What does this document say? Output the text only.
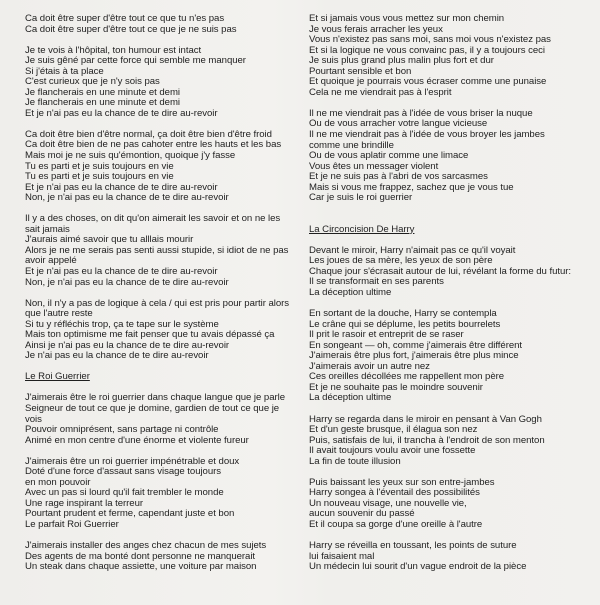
Ca doit être super d'être tout ce que tu n'es pas
Ca doit être super d'être tout ce que je ne suis pas
Je te vois à l'hôpital, ton humour est intact
Je suis gêné par cette force qui semble me manquer
Si j'étais à ta place
C'est curieux que je n'y sois pas
Je flancherais en une minute et demi
Je flancherais en une minute et demi
Et je n'ai pas eu la chance de te dire au-revoir
Ca doit être bien d'être normal, ça doit être bien d'être froid
Ca doit être bien de ne pas cahoter entre les hauts et les bas
Mais moi je ne suis qu'émontion, quoique j'y fasse
Tu es parti et je suis toujours en vie
Tu es parti et je suis toujours en vie
Et je n'ai pas eu la chance de te dire au-revoir
Non, je n'ai pas eu la chance de te dire au-revoir
Il y a des choses, on dit qu'on aimerait les savoir et on ne les
sait jamais
J'aurais aimé savoir que tu alllais mourir
Alors je ne me serais pas senti aussi stupide, si idiot de ne pas
avoir appelé
Et je n'ai pas eu la chance de te dire au-revoir
Non, je n'ai pas eu la chance de te dire au-revoir
Non, il n'y a pas de logique à cela / qui est pris pour partir alors
que l'autre reste
Si tu y réfléchis trop, ça te tape sur le système
Mais ton optimisme me fait penser que tu avais dépassé ça
Ainsi je n'ai pas eu la chance de te dire au-revoir
Je n'ai pas eu la chance de te dire au-revoir
Le Roi Guerrier
J'aimerais être le roi guerrier dans chaque langue que je parle
Seigneur de tout ce que je domine, gardien de tout ce que je
vois
Pouvoir omniprésent, sans partage ni contrôle
Animé en mon centre d'une énorme et violente fureur
J'aimerais être un roi guerrier impénétrable et doux
Doté d'une force d'assaut sans visage toujours
en mon pouvoir
Avec un pas si lourd qu'il fait trembler le monde
Une rage inspirant la terreur
Pourtant prudent et ferme, capendant juste et bon
Le parfait Roi Guerrier
J'aimerais installer des anges chez chacun de mes sujets
Des agents de ma bonté dont personne ne manquerait
Un steak dans chaque assiette, une voiture par maison
Et si jamais vous vous mettez sur mon chemin
Je vous ferais arracher les yeux
Vous n'existez pas sans moi, sans moi vous n'existez pas
Et si la logique ne vous convainc pas, il y a toujours ceci
Je suis plus grand plus malin plus fort et dur
Pourtant sensible et bon
Et quoique je pourrais vous écraser comme une punaise
Cela ne me viendrait pas à l'esprit
Il ne me viendrait pas à l'idée de vous briser la nuque
Ou de vous arracher votre langue vicieuse
Il ne me viendrait pas à l'idée de vous broyer les jambes
comme une brindille
Ou de vous aplatir comme une limace
Vous êtes un messager violent
Et je ne suis pas à l'abri de vos sarcasmes
Mais si vous me frappez, sachez que je vous tue
Car je suis le roi guerrier
La Circoncision De Harry
Devant le miroir, Harry n'aimait pas ce qu'il voyait
Les joues de sa mère, les yeux de son père
Chaque jour s'écrasait autour de lui, révélant la forme du futur:
Il se transformait en ses parents
La déception ultime
En sortant de la douche, Harry se contempla
Le crâne qui se déplume, les petits bourrelets
Il prit le rasoir et entreprit de se raser
En songeant — oh, comme j'aimerais être différent
J'aimerais être plus fort, j'aimerais être plus mince
J'aimerais avoir un autre nez
Ces oreilles décollées me rappellent mon père
Et je ne souhaite pas le moindre souvenir
La déception ultime
Harry se regarda dans le miroir en pensant à Van Gogh
Et d'un geste brusque, il élagua son nez
Puis, satisfais de lui, il trancha à l'endroit de son menton
Il avait toujours voulu avoir une fossette
La fin de toute illusion
Puis baissant les yeux sur son entre-jambes
Harry songea à l'éventail des possibilités
Un nouveau visage, une nouvelle vie,
aucun souvenir du passé
Et il coupa sa gorge d'une oreille à l'autre
Harry se réveilla en toussant, les points de suture
lui faisaient mal
Un médecin lui sourit d'un vague endroit de la pièce
